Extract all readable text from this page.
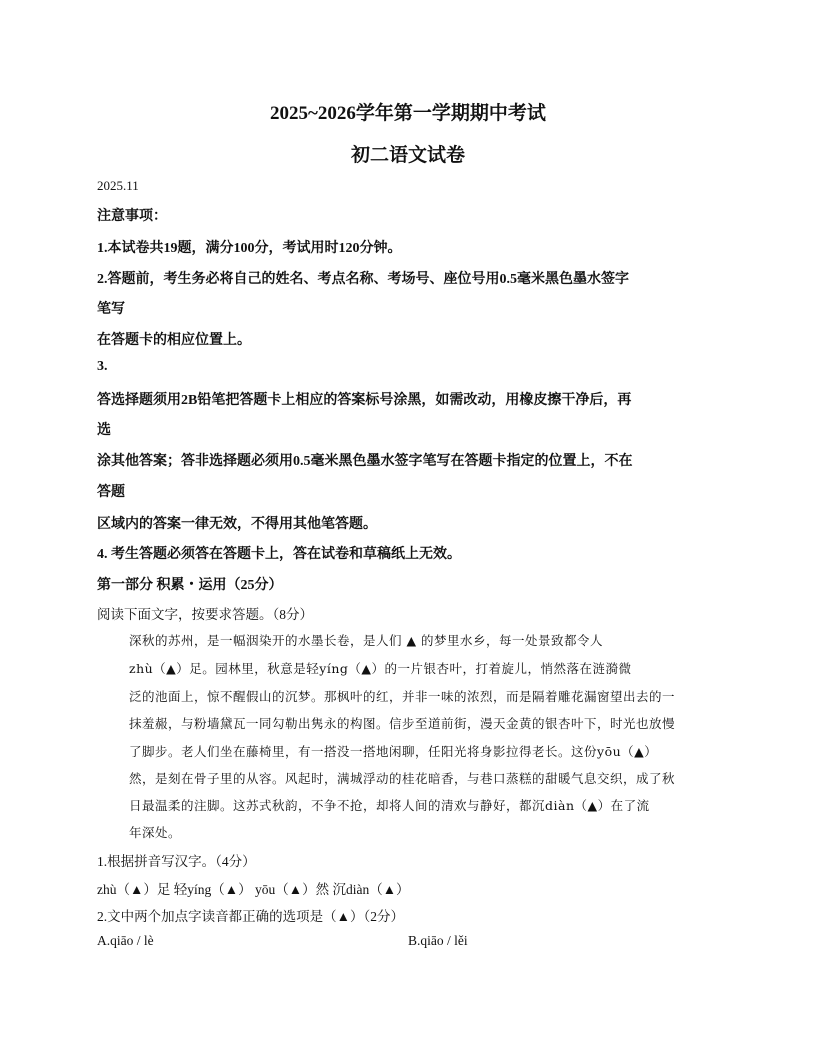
2025~2026学年第一学期期中考试
初二语文试卷
2025.11
注意事项：
1.本试卷共19题，满分100分，考试用时120分钟。
2.答题前，考生务必将自己的姓名、考点名称、考场号、座位号用0.5毫米黑色墨水签字
笔写
在答题卡的相应位置上。
3.
答选择题须用2B铅笔把答题卡上相应的答案标号涂黑，如需改动，用橡皮擦干净后，再
选
涂其他答案；答非选择题必须用0.5毫米黑色墨水签字笔写在答题卡指定的位置上，不在
答题
区域内的答案一律无效，不得用其他笔答题。
4. 考生答题必须答在答题卡上，答在试卷和草稿纸上无效。
第一部分 积累・运用（25分）
阅读下面文字，按要求答题。（8分）
深秋的苏州，是一幅洇染开的水墨长卷，是人们 ▲ 的梦里水乡，每一处景致都令人
zhù（▲）足。园林里，秋意是轻yíng（▲）的一片银杏叶，打着旋儿，悄然落在涟漪微
泛的池面上，惊不醒假山的沉梦。那枫叶的红，并非一味的浓烈，而是隔着雕花漏窗望出去的一
抹羞赧，与粉墙黛瓦一同勾勒出隽永的构图。信步至道前街，漫天金黄的银杏叶下，时光也放慢
了脚步。老人们坐在藤椅里，有一搭没一搭地闲聊，任阳光将身影拉得老长。这份yōu（▲）
然，是刻在骨子里的从容。风起时，满城浮动的桂花暗香，与巷口蒸糕的甜暖气息交织，成了秋
日最温柔的注脚。这苏式秋韵，不争不抢，却将人间的清欢与静好，都沉diàn（▲）在了流
年深处。
1.根据拼音写汉字。（4分）
zhù（▲）足 轻yíng（▲） yōu（▲）然 沉diàn（▲）
2.文中两个加点字读音都正确的选项是（▲）（2分）
A.qiāo / lè	B.qiāo / lěi
